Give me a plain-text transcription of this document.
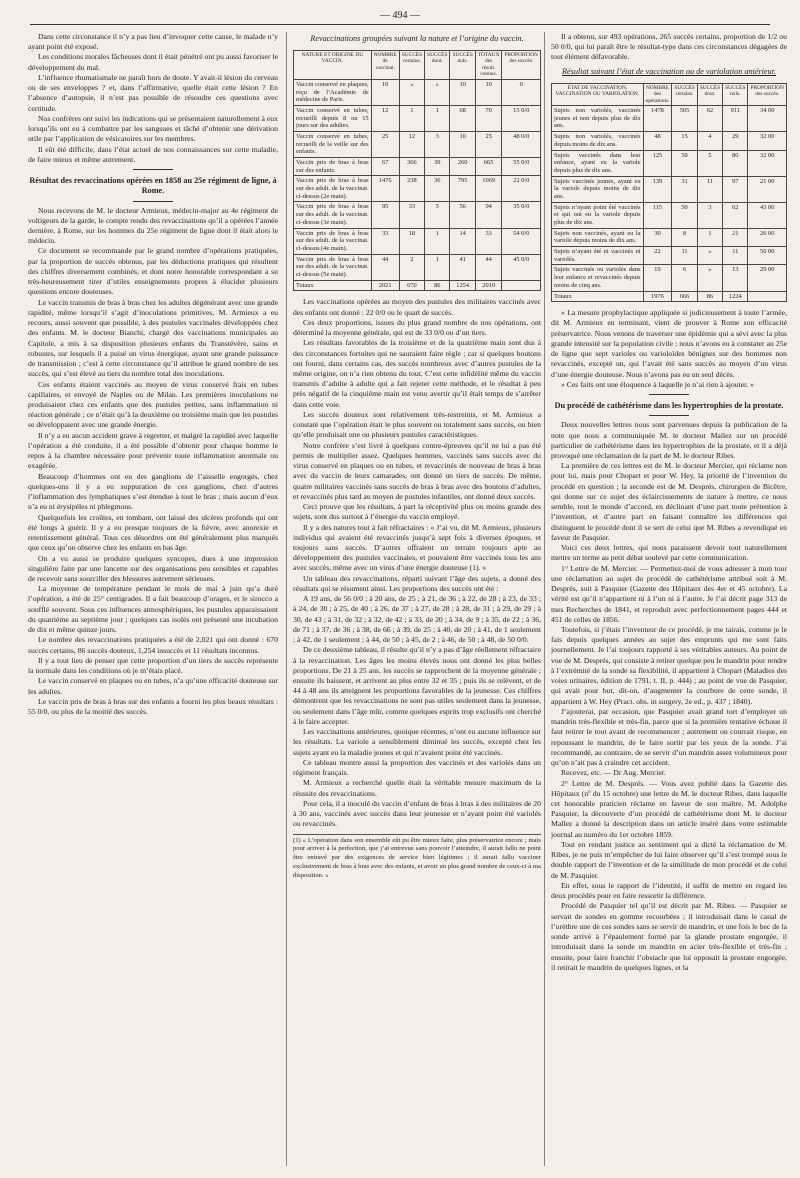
— 494 —

Dans cette circonstance il n’y a pas lieu d’invoquer cette cause, le malade n’y ayant point été exposé.

Les conditions morales fâcheuses dont il était pénétré ont pu aussi favoriser le développement du mal.

L’influence rhumatismale ne paraît hors de doute. Y avait-il lésion du cerveau ou de ses enveloppes ? et, dans l’affirmative, quelle était cette lésion ? En l’absence d’autopsie, il n’est pas possible de résoudre ces questions avec certitude.

Nos confrères ont suivi les indications qui se présentaient naturellement à eux lorsqu’ils ont eu à combattre par les sangsues et tâché d’obtenir une dérivation utile par l’application de vésicatoires sur les membres.

Il eût été difficile, dans l’état actuel de nos connaissances sur cette maladie, de faire mieux et même autrement.

Résultat des revaccinations opérées en 1858 au 25e régiment de ligne, à Rome.

Nous recevons de M. le docteur Armieux, médecin-major au 4e régiment de voltigeurs de la garde, le compte rendu des revaccinations qu’il a opérées l’année dernière, à Rome, sur les hommes du 25e régiment de ligne dont il était alors le médecin.

Ce document se recommande par le grand nombre d’opérations pratiquées, par la proportion de succès obtenus, par les déductions pratiques qui résultent des chiffres diversement combinés, et dont notre honorable correspondant a su très-heureusement tirer d’utiles enseignements propres à élucider plusieurs questions encore douteuses.

Le vaccin transmis de bras à bras chez les adultes dégénérant avec une grande rapidité, même lorsqu’il s’agit d’inoculations primitives, M. Armieux a eu recours, aussi souvent que possible, à des pustules vaccinales développées chez des enfants. M. le docteur Bianchi, chargé des vaccinations municipales au Capitole, a mis à sa disposition plusieurs enfants du Transtévère, sains et robustes, sur lesquels il a puisé un virus énergique, ayant une grande puissance de transmission ; c’est à cette circonstance qu’il attribue le grand nombre de ses succès, qui s’est élevé au tiers du nombre total des inoculations.

Ces enfants étaient vaccinés au moyen de virus conservé frais en tubes capillaires, et envoyé de Naples ou de Milan. Les premières inoculations ne produisaient chez ces enfants que des pustules petites, sans inflammation ni réaction générale ; ce n’était qu’à la deuxième ou troisième main que les pustules se développaient avec une grande énergie.

Il n’y a eu aucun accident grave à regretter, et malgré la rapidité avec laquelle l’opération a été conduite, il a été possible d’obtenir pour chaque homme le repos à la chambre nécessaire pour prévenir toute inflammation anormale ou exagérée.

Beaucoup d’hommes ont eu des ganglions de l’aisselle engorgés, chez quelques-uns il y a eu suppuration de ces ganglions, chez d’autres l’inflammation des lymphatiques s’est étendue à tout le bras ; mais aucun d’eux n’a eu ni érysipèles ni phlegmons.

Quelquefois les croûtes, en tombant, ont laissé des ulcères profonds qui ont été longs à guérir. Il y a eu presque toujours de la fièvre, avec anorexie et retentissement général. Tous ces désordres ont été généralement plus marqués que ceux qu’on observe chez les enfants en bas âge.

On a vu aussi se produire quelques syncopes, dues à une impression singulière faite par une lancette sur des organisations peu sensibles et capables de recevoir sans sourciller des blessures autrement sérieuses.

La moyenne de température pendant le mois de mai à juin qu’a duré l’opération, a été de 25° centigrades. Il a fait beaucoup d’orages, et le sirocco a soufflé souvent. Sous ces influences atmosphériques, les pustules apparaissaient du quatrième au septième jour ; quelques cas isolés ont présenté une incubation de dix et même quinze jours.

Le nombre des revaccinations pratiquées a été de 2,021 qui ont donné : 670 succès certains, 86 succès douteux, 1,254 insuccès et 11 résultats inconnus.

Il y a tout lieu de penser que cette proportion d’un tiers de succès représente la normale dans les conditions où je m’étais placé.

Le vaccin conservé en plaques ou en tubes, n’a qu’une efficacité douteuse sur les adultes.

Le vaccin pris de bras à bras sur des enfants a fourni les plus beaux résultats : 55 0/0, ou plus de la moitié des succès.

Revaccinations groupées suivant la nature et l’origine du vaccin.
NATURE ET ORIGINE DU VACCIN.	NOMBRE de vaccinat.	SUCCÈS certains.	SUCCÈS dout.	SUCCÈS nuls.	TOTAUX des résult. connus.	PROPORTION des succès.
Vaccin conservé en plaques, reçu de l’Académie de médecine de Paris.	10	»	»	10	10	0
Vaccin conservé en tubes, recueilli depuis 8 ou 15 jours sur des adultes.	12	1	1	68	70	15 0/0
Vaccin conservé en tubes, recueilli de la veille sur des enfants.	25	12	3	10	25	48 0/0
Vaccin pris de bras à bras sur des enfants.	67	366	39	260	665	55 0/0
Vaccin pris de bras à bras sur des adult. de la vaccinat. ci-dessus (2e main).	1476	238	36	795	1069	22 0/0
Vaccin pris de bras à bras sur des adult. de la vaccinat. ci-dessus (3e main).	95	33	5	56	94	35 0/0
Vaccin pris de bras à bras sur des adult. de la vaccinat. ci-dessus (4e main).	33	18	1	14	33	54 0/0
Vaccin pris de bras à bras sur des adult. de la vaccinat. ci-dessus (5e main).	44	2	1	41	44	45 0/0
Totaux	2021	670	86	1254	2010	

Les vaccinations opérées au moyen des pustules des militaires vaccinés avec des enfants ont donné : 22 0/0 ou le quart de succès.

Ces deux proportions, issues du plus grand nombre de nos opérations, ont déterminé la moyenne générale, qui est de 33 0/0 ou d’un tiers.

Les résultats favorables de la troisième et de la quatrième main sont dus à des circonstances fortuites qui ne sauraient faire règle ; car si quelques boutons ont fourni, dans certains cas, des succès nombreux avec d’autres pustules de la même origine, on n’a rien obtenu du tout. C’est cette infidélité même du vaccin transmis d’adulte à adulte qui a fait rejeter cette méthode, et le résultat à peu près négatif de la cinquième main est venu avertir qu’il était temps de s’arrêter dans cette voie.

Les succès douteux sont relativement très-restreints, et M. Armieux a constaté que l’opération était le plus souvent ou totalement sans succès, ou bien qu’elle produisait une ou plusieurs pustules caractéristiques.

Notre confrère s’est livré à quelques contre-épreuves qu’il ne lui a pas été permis de multiplier assez. Quelques hommes, vaccinés sans succès avec du virus conservé en plaques ou en tubes, et revaccinés de nouveau de bras à bras avec du vaccin de leurs camarades, ont donné un tiers de succès. De même, quatre militaires vaccinés sans succès de bras à bras avec des boutons d’adultes, et revaccinés plus tard au moyen de pustules infantiles, ont donné deux succès.

Ceci prouve que les résultats, à part la réceptivité plus ou moins grande des sujets, sont dus surtout à l’énergie du vaccin employé.

Il y a des natures tout à fait réfractaires : « J’ai vu, dit M. Armieux, plusieurs individus qui avaient été revaccinés jusqu’à sept fois à diverses époques, et toujours sans succès. D’autres offraient un terrain toujours apte au développement des pustules vaccinales, et pouvaient être vaccinés tous les ans avec succès, même avec un virus d’une énergie douteuse (1). »

Un tableau des revaccinations, réparti suivant l’âge des sujets, a donné des résultats qui se résument ainsi. Les proportions des succès ont été :

A 19 ans, de 56 0/0 ; à 20 ans, de 25 ; à 21, de 36 ; à 22, de 28 ; à 23, de 33 ; à 24, de 30 ; à 25, de 40 ; à 26, de 37 ; à 27, de 28 ; à 28, de 31 ; à 29, de 29 ; à 30, de 43 ; à 31, de 32 ; à 32, de 42 ; à 33, de 20 ; à 34, de 9 ; à 35, de 22 ; à 36, de 71 ; à 37, de 36 ; à 38, de 66 ; à 39, de 25 ; à 40, de 20 ; à 41, de 1 seulement ; à 42, de 1 seulement ; à 44, de 50 ; à 45, de 2 ; à 46, de 50 ; à 48, de 50 0/0.

De ce deuxième tableau, il résulte qu’il n’y a pas d’âge réellement réfractaire à la revaccination. Les âges les moins élevés nous ont donné les plus belles proportions. De 21 à 25 ans, les succès se rapprochent de la moyenne générale ; ensuite ils baissent, et arrivent au plus entre 32 et 35 ; puis ils se relèvent, et de 44 à 48 ans ils atteignent les proportions favorables de la jeunesse. Ces chiffres démontrent que les revaccinations ne sont pas utiles seulement dans la jeunesse, ou seulement dans l’âge mûr, comme quelques esprits trop exclusifs ont cherché à le faire accepter.

Les vaccinations antérieures, quoique récentes, n’ont eu aucune influence sur les résultats. La variole a sensiblement diminué les succès, excepté chez les sujets ayant eu la maladie jeunes et qui n’avaient point été vaccinés.

Ce tableau montre aussi la proportion des vaccinés et des variolés dans un régiment français.

M. Armieux a recherché quelle était la véritable mesure maximum de la réussite des revaccinations.

Pour cela, il a inoculé du vaccin d’enfant de bras à bras à des militaires de 20 à 30 ans, vaccinés avec succès dans leur jeunesse et n’ayant point été variolés ou revaccinés.

(1) « L’opération dans son ensemble eût pu être mieux faite, plus préservatrice encore ; mais pour arriver à la perfection, que j’ai entrevue sans pouvoir l’atteindre, il aurait fallu ne point être entravé par des exigences de service bien légitimes ; il aurait fallu vacciner exclusivement de bras à bras avec des enfants, et avoir un plus grand nombre de ceux-ci à ma disposition. »

Il a obtenu, sur 493 opérations, 265 succès certains, proportion de 1/2 ou 50 0/0, qui lui paraît être le résultat-type dans ces circonstances dégagées de tout élément défavorable.

Résultat suivant l’état de vaccination ou de variolation antérieur.
ÉTAT DE VACCINATION, VACCINATION OU VARIOLATION.	NOMBRE des opérations.	SUCCÈS certains.	SUCCÈS dout.	SUCCÈS nuls.	PROPORTION des succès.
Sujets non variolés, vaccinés jeunes et non depuis plus de dix ans.	1478	505	62	911	34 00
Sujets non variolés, vaccinés depuis moins de dix ans.	48	15	4	29	32 00
Sujets vaccinés dans leur enfance, ayant eu la variole depuis plus de dix ans.	125	50	5	80	32 00
Sujets vaccinés jeunes, ayant eu la variole depuis moins de dix ans.	139	31	11	97	21 00
Sujets n’ayant point été vaccinés et qui ont eu la variole depuis plus de dix ans.	115	50	3	62	43 00
Sujets non vaccinés, ayant eu la variole depuis moins de dix ans.	30	8	1	21	26 00
Sujets n’ayant été ni vaccinés ni variolés.	22	11	»	11	50 00
Sujets vaccinés ou variolés dans leur enfance et revaccinés depuis moins de cinq ans.	19	6	»	13	29 00
Totaux	1976	666	86	1224	

« La mesure prophylactique appliquée si judicieusement à toute l’armée, dit M. Armieux en terminant, vient de prouver à Rome son efficacité préservatrice. Nous venons de traverser une épidémie qui a sévi avec la plus grande intensité sur la population civile ; nous n’avons eu à constater au 25e de ligne que sept varioles ou varioloïdes bénignes sur des hommes non revaccinés, excepté un, qui l’avait été sans succès au moyen d’un virus d’une énergie douteuse. Nous n’avons pas eu un seul décès.

» Ces faits ont une éloquence à laquelle je n’ai rien à ajouter. »

Du procédé de cathétérisme dans les hypertrophies de la prostate.

Deux nouvelles lettres nous sont parvenues depuis la publication de la note que nous a communiquée M. le docteur Mallez sur un procédé particulier de cathétérisme dans les hypertrophies de la prostate, et il a déjà provoqué une réclamation de la part de M. le docteur Ribes.

La première de ces lettres est de M. le docteur Mercier, qui réclame non pour lui, mais pour Chopart et pour W. Hey, la priorité de l’invention du procédé en question ; la seconde est de M. Després, chirurgien de Bicêtre, qui donne sur ce sujet des éclaircissements de nature à mettre, ce nous semble, tout le monde d’accord, en déclinant d’une part toute prétention à l’invention, et d’autre part en faisant connaître les différences qui distinguent le procédé dont il se sert de celui que M. Ribes a revendiqué en faveur de Pasquier.

Voici ces deux lettres, qui nous paraissent devoir tout naturellement mettre un terme au petit débat soulevé par cette communication.

1° Lettre de M. Mercier. — Permettez-moi de vous adresser à mon tour une réclamation au sujet du procédé de cathétérisme attribué soit à M. Després, soit à Pasquier (Gazette des Hôpitaux des 4er et 45 octobre). La vérité est qu’il n’appartient ni à l’un ni à l’autre. Je l’ai décrit page 313 de mes Recherches de 1841, et reproduit avec perfectionnement pages 444 et 451 de celles de 1856.

Toutefois, si j’étais l’inventeur de ce procédé, je me tairais, comme je le fais depuis quelques années au sujet des emprunts qui me sont faits journellement. Je l’ai toujours rapporté à ses véritables auteurs. Au point de vue de M. Després, qui consiste à retirer quelque peu le mandrin pour rendre à l’extrémité de la sonde sa flexibilité, il appartient à Chopart (Maladies des voies urinaires, édition de 1791, t. II, p. 444) ; au point de vue de Pasquier, qui avait pour but, dit-on, d’augmenter la courbure de cette sonde, il appartient à W. Hey (Pract. obs. in surgery, 2e ed., p. 437 ; 1840).

J’ajouterai, par occasion, que Pasquier avait grand tort d’employer un mandrin très-flexible et très-fin, parce que si la première tentative échoue il faut retirer le tout avant de recommencer ; autrement on courrait risque, en repoussant le mandrin, de le faire sortir par les yeux de la sonde. J’ai recommandé, au contraire, de se servir d’un mandrin assez volumineux pour qu’on n’ait pas à craindre cet accident.

Recevez, etc. — Dr Aug. Mercier.

2° Lettre de M. Després. — Vous avez publié dans la Gazette des Hôpitaux (nº du 15 octobre) une lettre de M. le docteur Ribes, dans laquelle cet honorable praticien réclame en faveur de son maître, M. Adolphe Pasquier, la découverte d’un procédé de cathétérisme dont M. le docteur Mallez a donné la description dans un article inséré dans votre estimable journal au numéro du 1er octobre 1859.

Tout en rendant justice au sentiment qui a dicté la réclamation de M. Ribes, je ne puis m’empêcher de lui faire observer qu’il s’est trompé sous le double rapport de l’invention et de la similitude de mon procédé et de celui de M. Pasquier.

En effet, sous le rapport de l’identité, il suffit de mettre en regard les deux procédés pour en faire ressortir la différence.

Procédé de Pasquier tel qu’il est décrit par M. Ribes. — Pasquier se servait de sondes en gomme recourbées ; il introduisait dans le canal de l’urèthre une de ces sondes sans se servir de mandrin, et une fois le bec de la sonde arrivé à l’épaulement formé par la glande prostate engorgée, il introduisait dans la sonde un mandrin en acier très-flexible et très-fin ; ensuite, pour faire franchir l’obstacle que lui opposait la prostate engorgée, il retirait le mandrin de quelques lignes, et la
